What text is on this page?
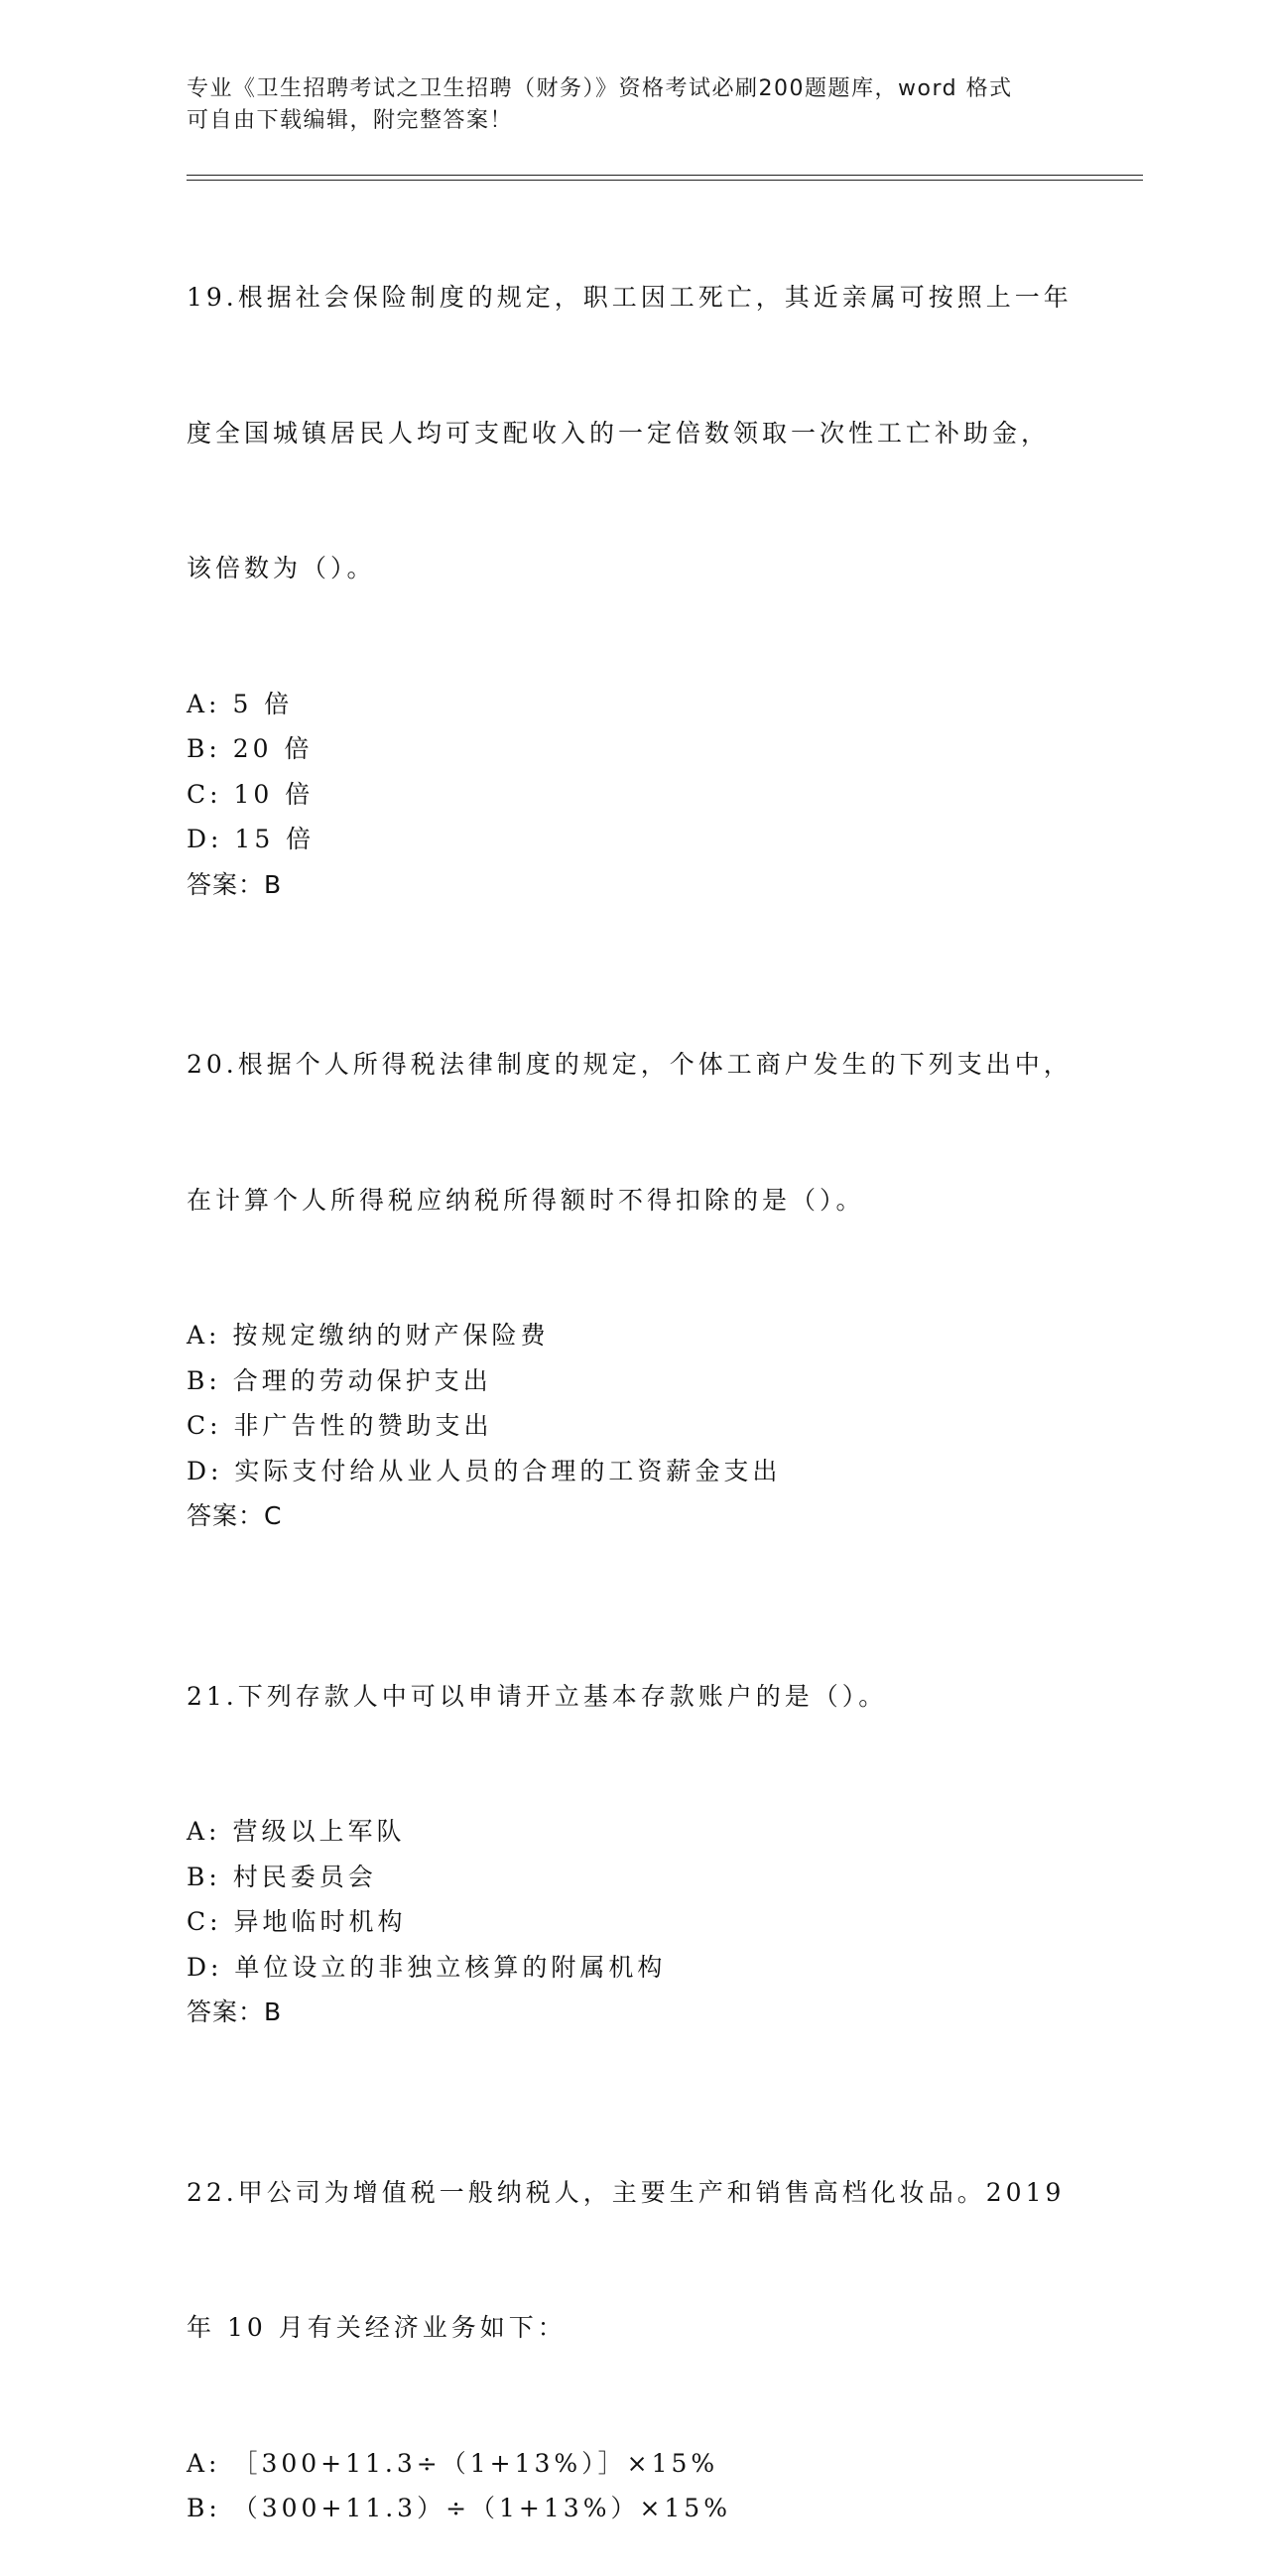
专业《卫生招聘考试之卫生招聘（财务）》资格考试必刷200题题库，word 格式
可自由下载编辑，附完整答案！

19.根据社会保险制度的规定，职工因工死亡，其近亲属可按照上一年

度全国城镇居民人均可支配收入的一定倍数领取一次性工亡补助金，

该倍数为（）。

A: 5 倍
B: 20 倍
C: 10 倍
D: 15 倍
答案：B

20.根据个人所得税法律制度的规定，个体工商户发生的下列支出中，

在计算个人所得税应纳税所得额时不得扣除的是（）。

A: 按规定缴纳的财产保险费
B: 合理的劳动保护支出
C: 非广告性的赞助支出
D: 实际支付给从业人员的合理的工资薪金支出
答案：C

21.下列存款人中可以申请开立基本存款账户的是（）。

A: 营级以上军队
B: 村民委员会
C: 异地临时机构
D: 单位设立的非独立核算的附属机构
答案：B

22.甲公司为增值税一般纳税人，主要生产和销售高档化妆品。2019

年 10 月有关经济业务如下：

A: ［300+11.3÷（1+13%）］×15%
B: （300+11.3）÷（1+13%）×15%
